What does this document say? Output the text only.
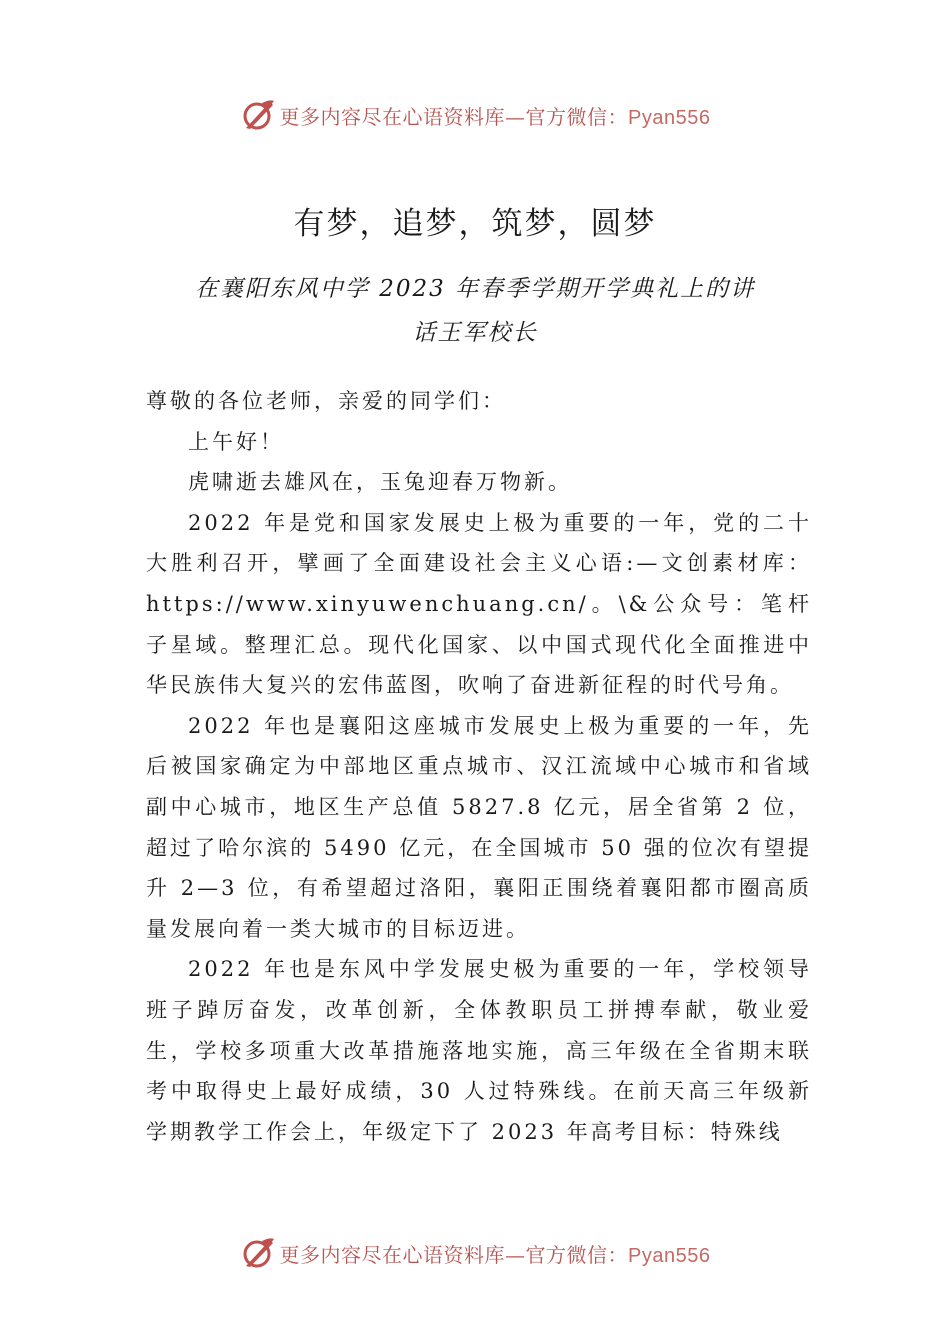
更多内容尽在心语资料库—官方微信：Pyan556
有梦，追梦，筑梦，圆梦
在襄阳东风中学 2023 年春季学期开学典礼上的讲
话王军校长

尊敬的各位老师，亲爱的同学们：

上午好！

虎啸逝去雄风在，玉兔迎春万物新。

2022 年是党和国家发展史上极为重要的一年，党的二十大胜利召开，擘画了全面建设社会主义心语:—文创素材库：https://www.xinyuwenchuang.cn/。\&公众号：笔杆子星域。整理汇总。现代化国家、以中国式现代化全面推进中华民族伟大复兴的宏伟蓝图，吹响了奋进新征程的时代号角。

2022 年也是襄阳这座城市发展史上极为重要的一年，先后被国家确定为中部地区重点城市、汉江流域中心城市和省域副中心城市，地区生产总值 5827.8 亿元，居全省第 2 位，超过了哈尔滨的 5490 亿元，在全国城市 50 强的位次有望提升 2—3 位，有希望超过洛阳，襄阳正围绕着襄阳都市圈高质量发展向着一类大城市的目标迈进。

2022 年也是东风中学发展史极为重要的一年，学校领导班子踔厉奋发，改革创新，全体教职员工拼搏奉献，敬业爱生，学校多项重大改革措施落地实施，高三年级在全省期末联考中取得史上最好成绩，30 人过特殊线。在前天高三年级新学期教学工作会上，年级定下了 2023 年高考目标：特殊线

更多内容尽在心语资料库—官方微信：Pyan556
